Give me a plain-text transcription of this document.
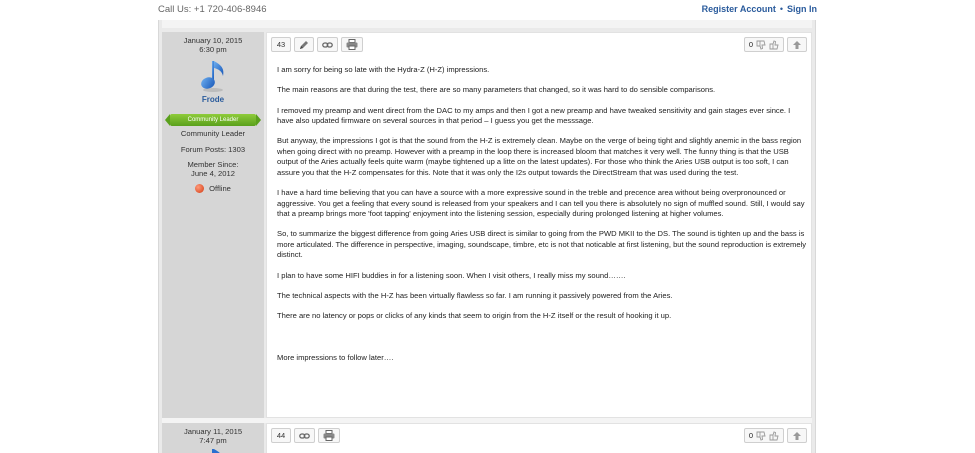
Call Us: +1 720-406-8946	Register Account • Sign In
January 10, 2015
6:30 pm
Frode
Community Leader
Community Leader
Forum Posts: 1303
Member Since:
June 4, 2012
Offline
43	0

I am sorry for being so late with the Hydra-Z (H-Z) impressions.

The main reasons are that during the test, there are so many parameters that changed, so it was hard to do sensible comparisons.

I removed my preamp and went direct from the DAC to my amps and then I got a new preamp and have tweaked sensitivity and gain stages ever since. I have also updated firmware on several sources in that period – I guess you get the messsage.

But anyway, the impressions I got is that the sound from the H-Z is extremely clean. Maybe on the verge of being tight and slightly anemic in the bass region when going direct with no preamp. However with a preamp in the loop there is increased bloom that matches it very well. The funny thing is that the USB output of the Aries actually feels quite warm (maybe tightened up a litte on the latest updates). For those who think the Aries USB output is too soft, I can assure you that the H-Z compensates for this. Note that it was only the I2s output towards the DirectStream that was used during the test.

I have a hard time believing that you can have a source with a more expressive sound in the treble and precence area without being overpronounced or aggressive. You get a feeling that every sound is released from your speakers and I can tell you there is absolutely no sign of muffled sound. Still, I would say that a preamp brings more 'foot tapping' enjoyment into the listening session, especially during prolonged listening at higher volumes.

So, to summarize the biggest difference from going Aries USB direct is similar to going from the PWD MKII to the DS. The sound is tighten up and the bass is more articulated. The difference in perspective, imaging, soundscape, timbre, etc is not that noticable at first listening, but the sound reproduction is extremely distinct.

I plan to have some HIFI buddies in for a listening soon. When I visit others, I really miss my sound…….

The technical aspects with the H-Z has been virtually flawless so far. I am running it passively powered from the Aries.

There are no latency or pops or clicks of any kinds that seem to origin from the H-Z itself or the result of hooking it up.

More impressions to follow later….

January 11, 2015
7:47 pm
44	0
